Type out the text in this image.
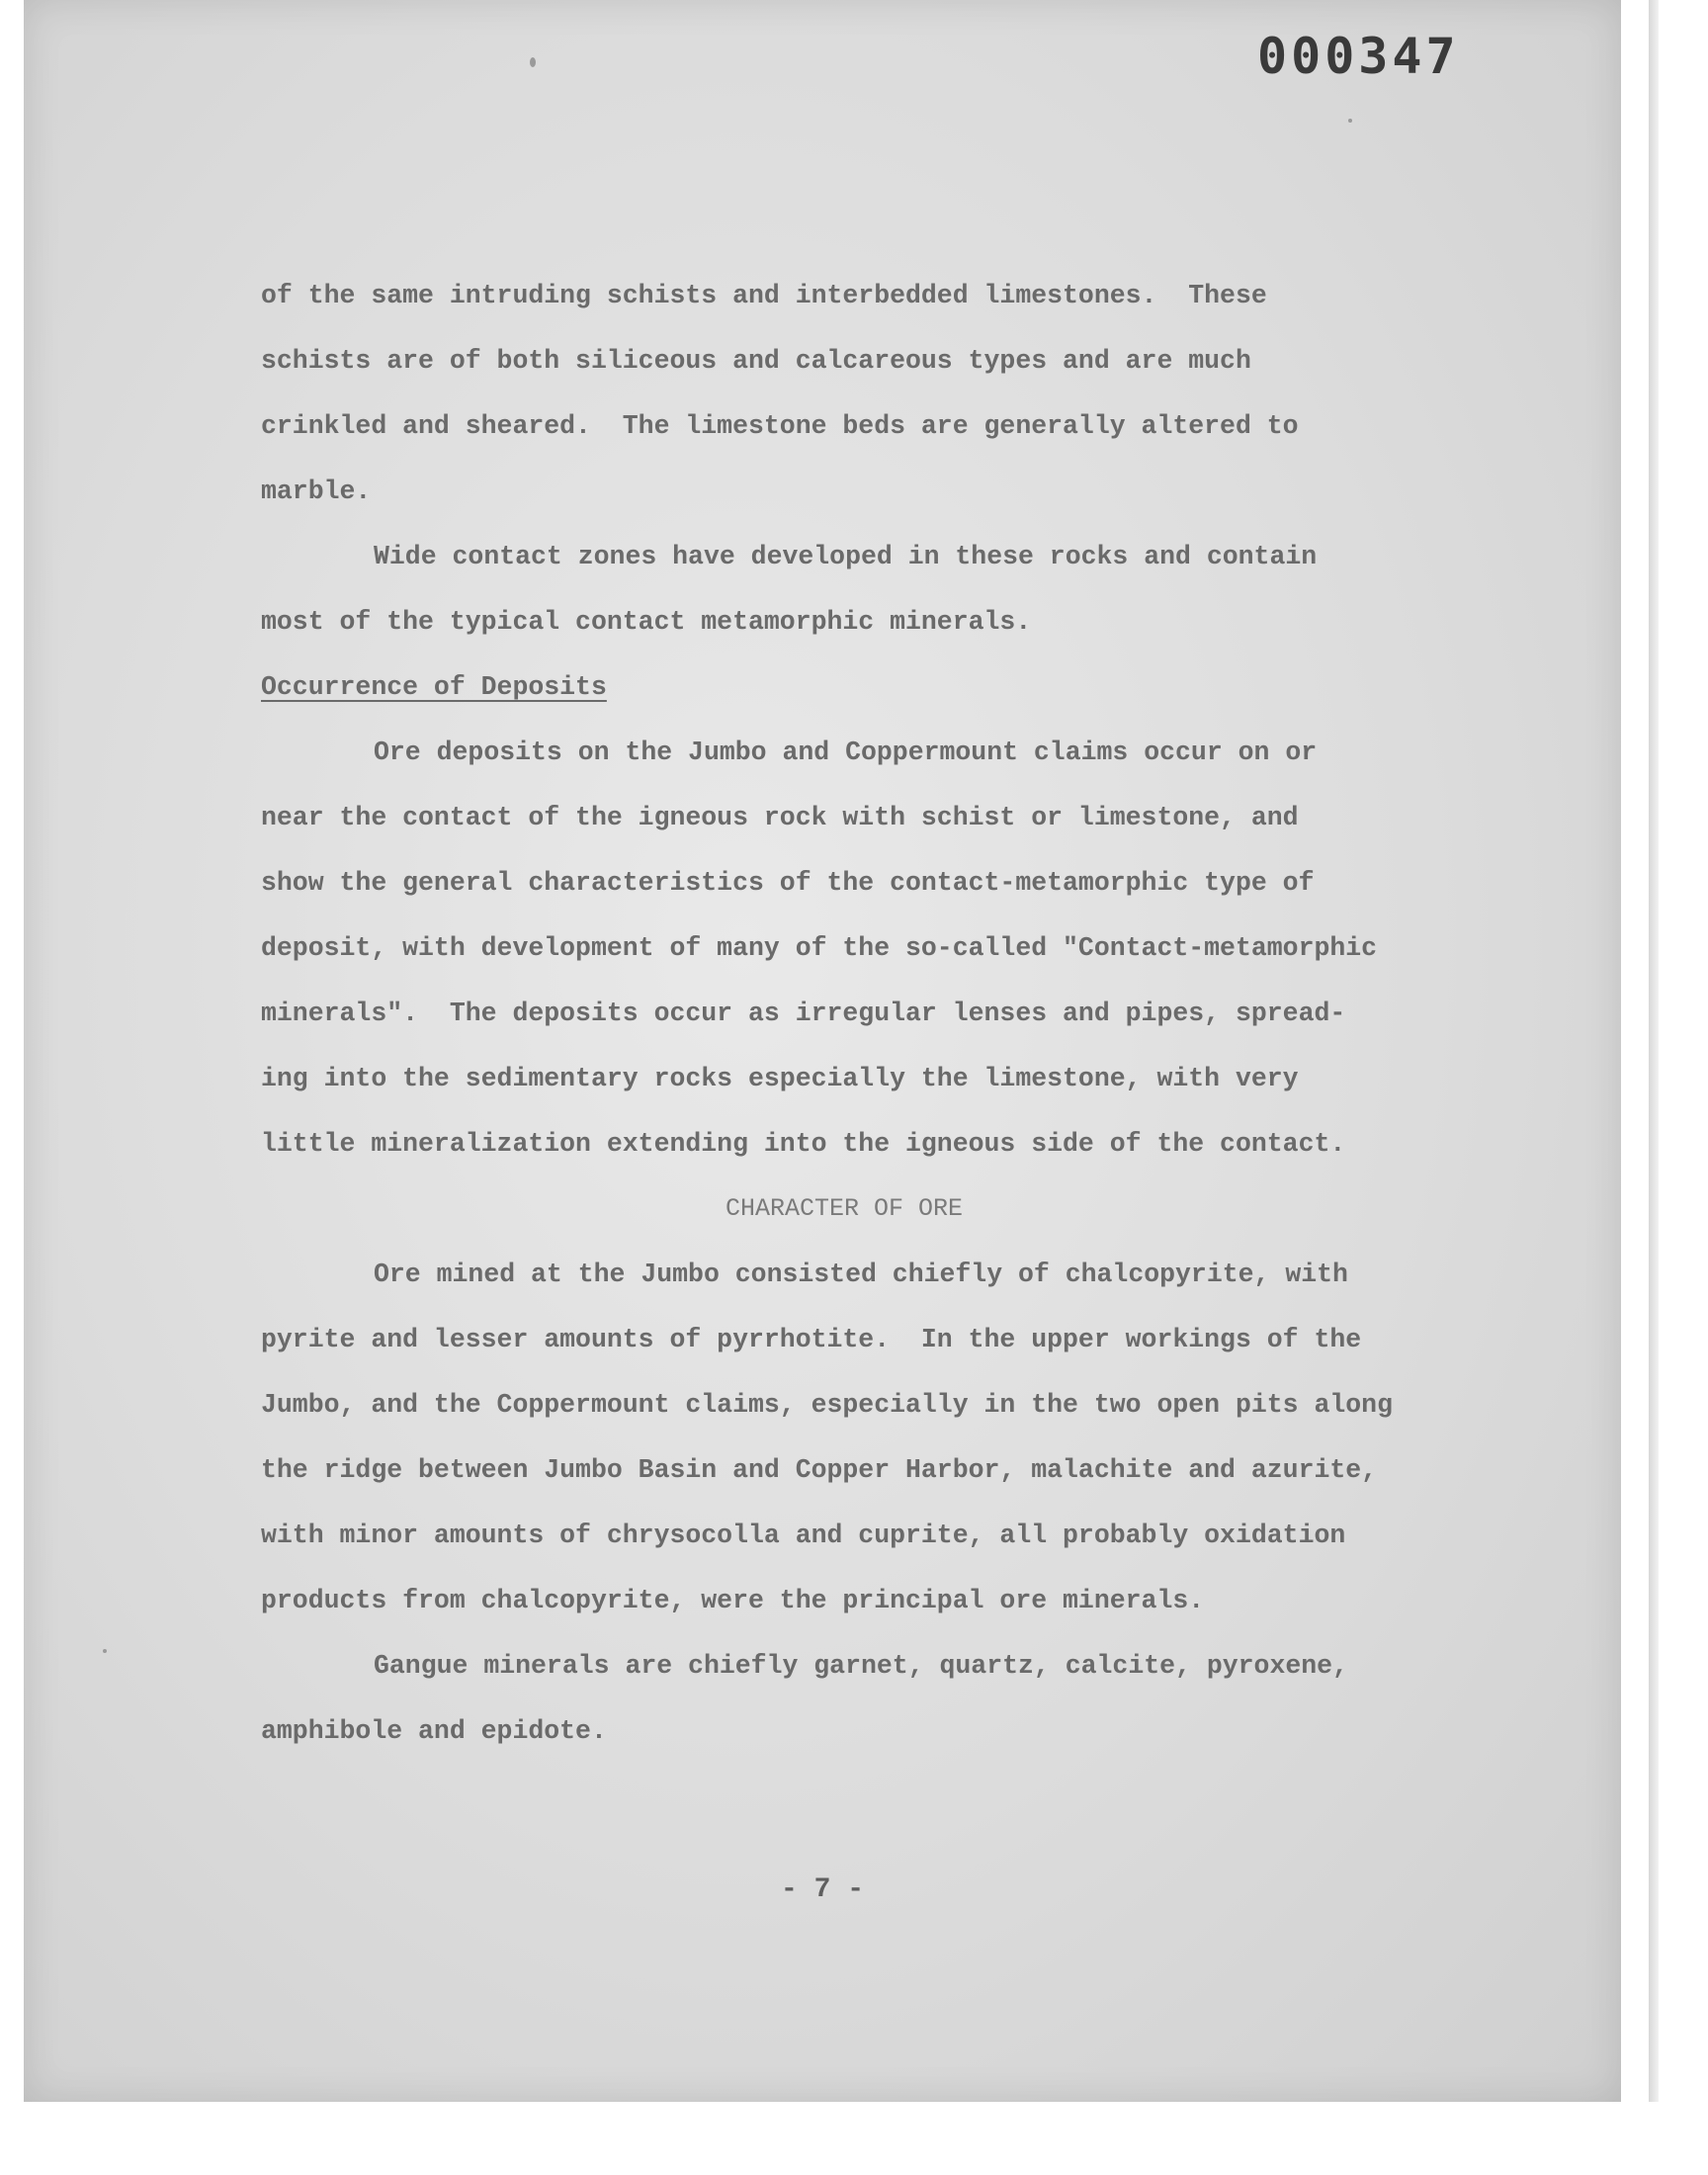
000347

of the same intruding schists and interbedded limestones.  These
schists are of both siliceous and calcareous types and are much
crinkled and sheared.  The limestone beds are generally altered to
marble.

Wide contact zones have developed in these rocks and contain
most of the typical contact metamorphic minerals.

Occurrence of Deposits

Ore deposits on the Jumbo and Coppermount claims occur on or
near the contact of the igneous rock with schist or limestone, and
show the general characteristics of the contact-metamorphic type of
deposit, with development of many of the so-called "Contact-metamorphic
minerals".  The deposits occur as irregular lenses and pipes, spread-
ing into the sedimentary rocks especially the limestone, with very
little mineralization extending into the igneous side of the contact.

CHARACTER OF ORE

Ore mined at the Jumbo consisted chiefly of chalcopyrite, with
pyrite and lesser amounts of pyrrhotite.  In the upper workings of the
Jumbo, and the Coppermount claims, especially in the two open pits along
the ridge between Jumbo Basin and Copper Harbor, malachite and azurite,
with minor amounts of chrysocolla and cuprite, all probably oxidation
products from chalcopyrite, were the principal ore minerals.

Gangue minerals are chiefly garnet, quartz, calcite, pyroxene,
amphibole and epidote.

- 7 -
